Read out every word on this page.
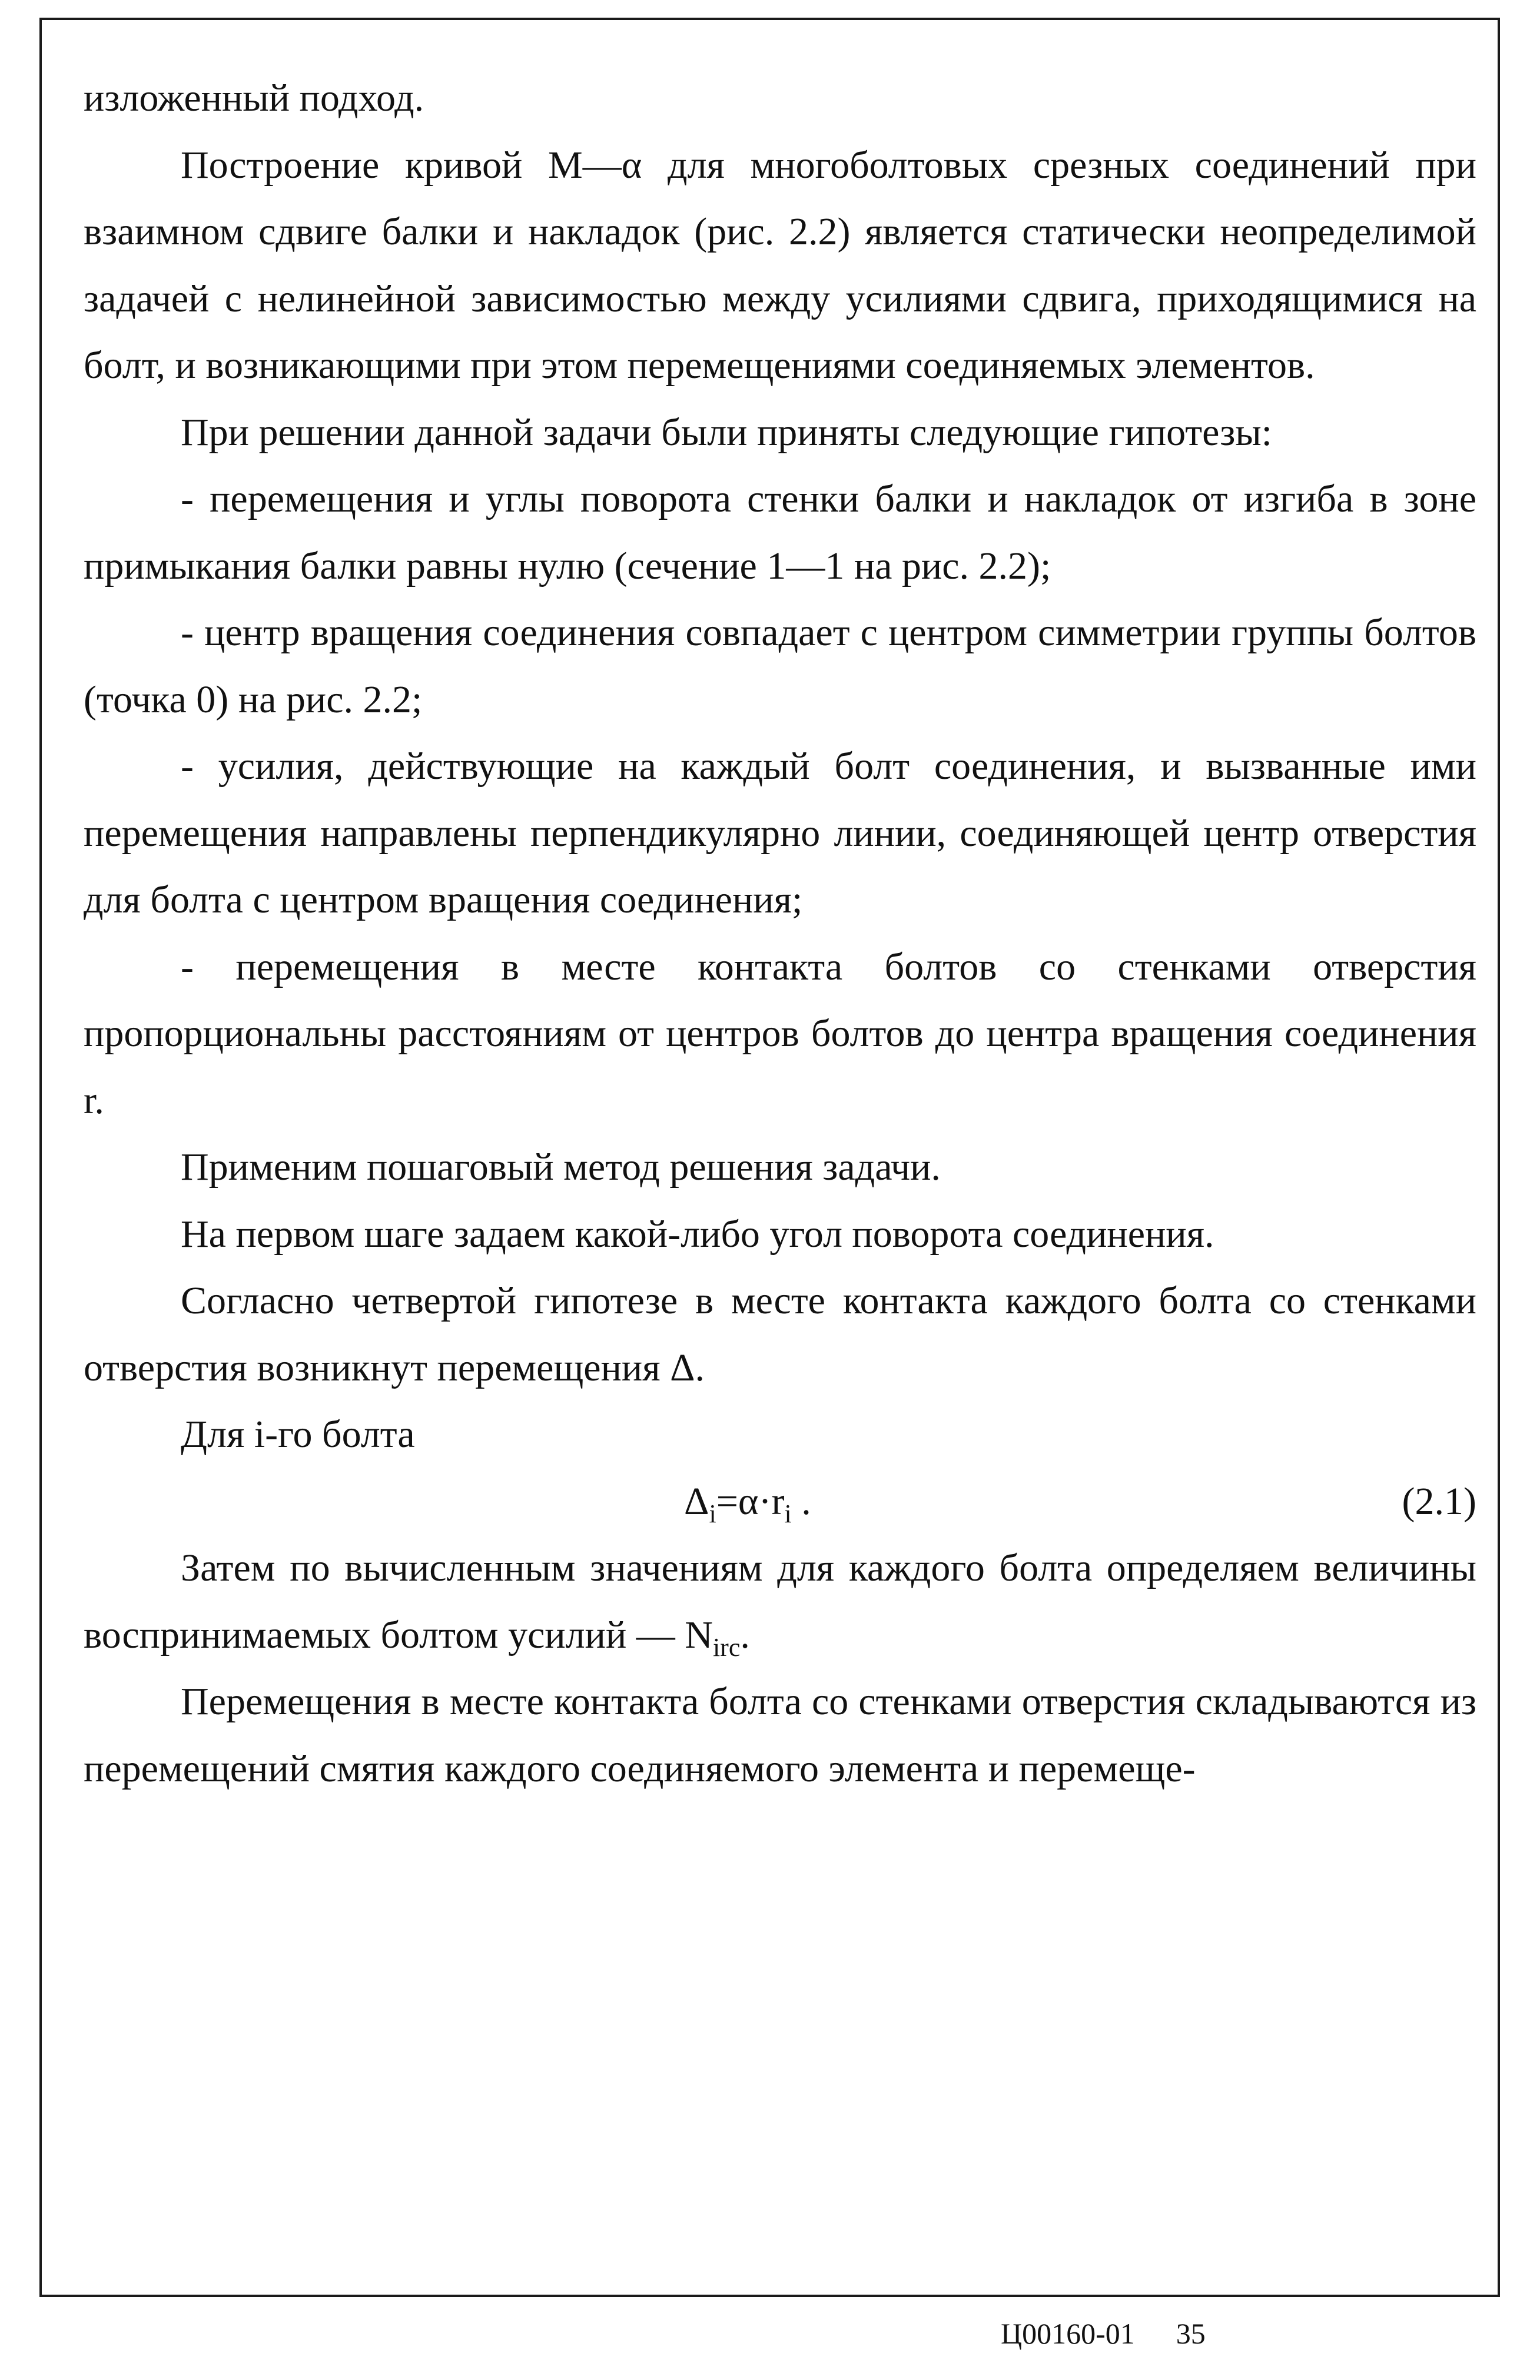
изложенный подход.

Построение кривой М—α для многоболтовых срезных соединений при взаимном сдвиге балки и накладок (рис. 2.2) является статически неопределимой задачей с нелинейной зависимостью между усилиями сдвига, приходящимися на болт, и возникающими при этом перемещениями соединяемых элементов.

При решении данной задачи были приняты следующие гипотезы:

- перемещения и углы поворота стенки балки и накладок от изгиба в зоне примыкания балки равны нулю (сечение 1—1 на рис. 2.2);

- центр вращения соединения совпадает с центром симметрии группы болтов (точка 0) на рис. 2.2;

- усилия, действующие на каждый болт соединения, и вызванные ими перемещения направлены перпендикулярно линии, соединяющей центр отверстия для болта с центром вращения соединения;

- перемещения в месте контакта болтов со стенками отверстия пропорциональны расстояниям от центров болтов до центра вращения соединения r.

Применим пошаговый метод решения задачи.

На первом шаге задаем какой-либо угол поворота соединения.

Согласно четвертой гипотезе в месте контакта каждого болта со стенками отверстия возникнут перемещения Δ.

Для i-го болта

$\Delta_i=\alpha\cdot r_i$ .	(2.1)

Затем по вычисленным значениям для каждого болта определяем величины воспринимаемых болтом усилий — $N_{irc}$.

Перемещения в месте контакта болта со стенками отверстия складываются из перемещений смятия каждого соединяемого элемента и перемеще-

Ц00160-01 35
